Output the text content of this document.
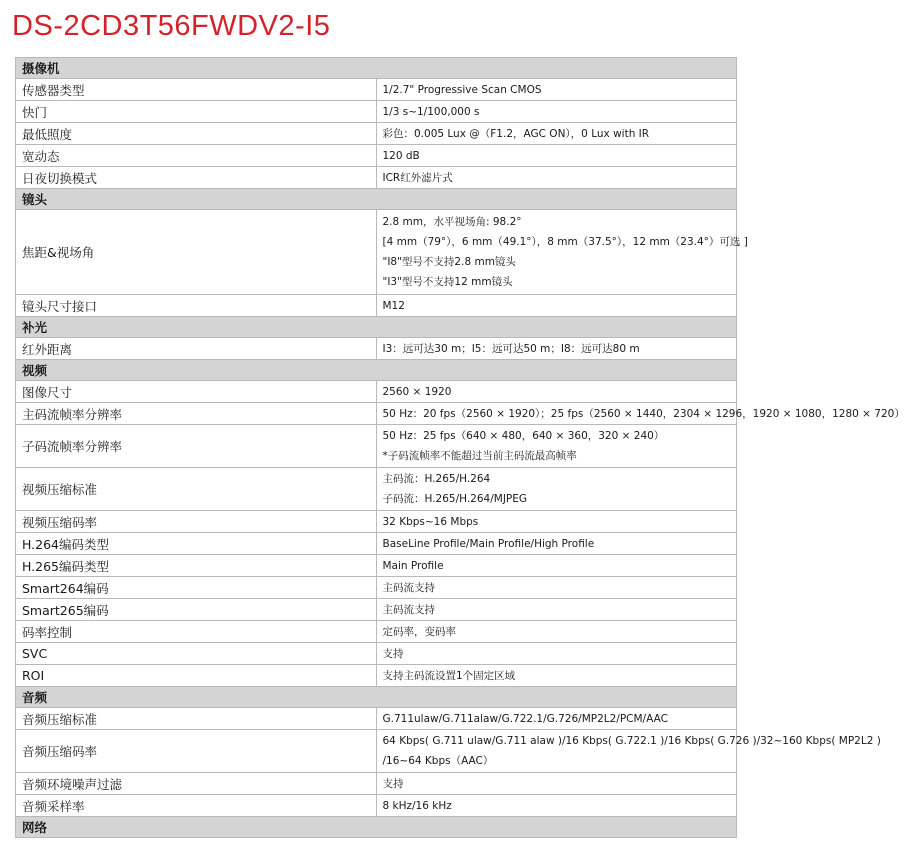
DS-2CD3T56FWDV2-I5
摄像机	
传感器类型	1/2.7" Progressive Scan CMOS

快门	1/3 s~1/100,000 s

最低照度	彩色：0.005 Lux @（F1.2，AGC ON），0 Lux with IR

宽动态	120 dB

日夜切换模式	ICR红外滤片式

镜头	
焦距&视场角	2.8 mm，水平视场角: 98.2°
[4 mm（79°），6 mm（49.1°），8 mm（37.5°），12 mm（23.4°）可选 ]
"I8"型号不支持2.8 mm镜头
"I3"型号不支持12 mm镜头

镜头尺寸接口	M12

补光	
红外距离	I3：远可达30 m；I5：远可达50 m；I8：远可达80 m

视频	
图像尺寸	2560 × 1920

主码流帧率分辨率	50 Hz：20 fps（2560 × 1920）；25 fps（2560 × 1440，2304 × 1296，1920 × 1080，1280 × 720）

子码流帧率分辨率	50 Hz：25 fps（640 × 480，640 × 360，320 × 240）
*子码流帧率不能超过当前主码流最高帧率

视频压缩标准	主码流：H.265/H.264
子码流：H.265/H.264/MJPEG

视频压缩码率	32 Kbps~16 Mbps

H.264编码类型	BaseLine Profile/Main Profile/High Profile

H.265编码类型	Main Profile

Smart264编码	主码流支持

Smart265编码	主码流支持

码率控制	定码率，变码率

SVC	支持

ROI	支持主码流设置1个固定区域

音频	
音频压缩标准	G.711ulaw/G.711alaw/G.722.1/G.726/MP2L2/PCM/AAC

音频压缩码率	64 Kbps( G.711 ulaw/G.711 alaw )/16 Kbps( G.722.1 )/16 Kbps( G.726 )/32~160 Kbps( MP2L2 )
/16~64 Kbps（AAC）

音频环境噪声过滤	支持

音频采样率	8 kHz/16 kHz

网络	
